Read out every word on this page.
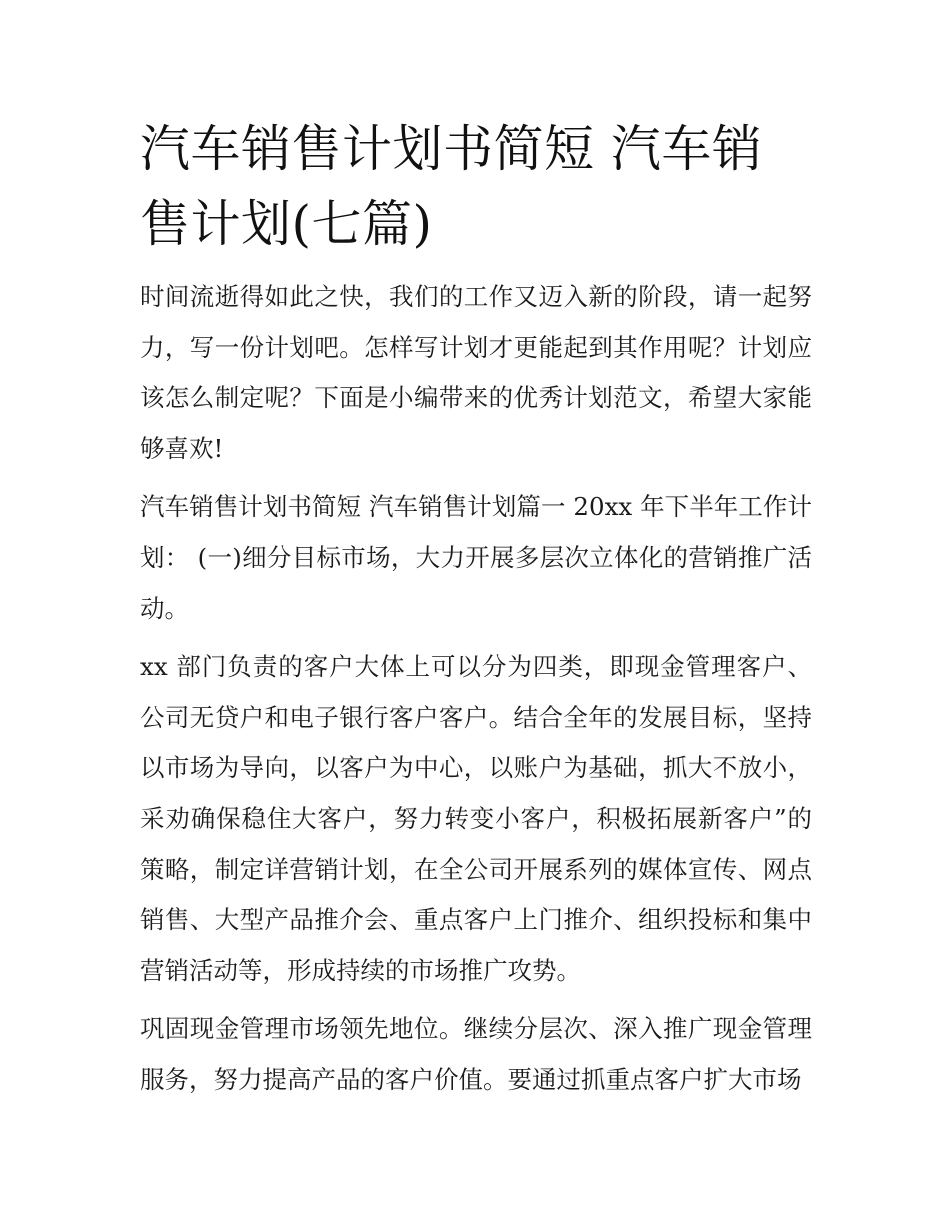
汽车销售计划书简短 汽车销售计划(七篇)

时间流逝得如此之快，我们的工作又迈入新的阶段，请一起努力，写一份计划吧。怎样写计划才更能起到其作用呢？计划应该怎么制定呢？下面是小编带来的优秀计划范文，希望大家能够喜欢!

汽车销售计划书简短 汽车销售计划篇一 20xx 年下半年工作计划： (一)细分目标市场，大力开展多层次立体化的营销推广活动。

xx 部门负责的客户大体上可以分为四类，即现金管理客户、公司无贷户和电子银行客户客户。结合全年的发展目标，坚持以市场为导向，以客户为中心，以账户为基础，抓大不放小，采劝确保稳住大客户，努力转变小客户，积极拓展新客户”的策略，制定详营销计划，在全公司开展系列的媒体宣传、网点销售、大型产品推介会、重点客户上门推介、组织投标和集中营销活动等，形成持续的市场推广攻势。

巩固现金管理市场领先地位。继续分层次、深入推广现金管理服务，努力提高产品的客户价值。要通过抓重点客户扩大市场
